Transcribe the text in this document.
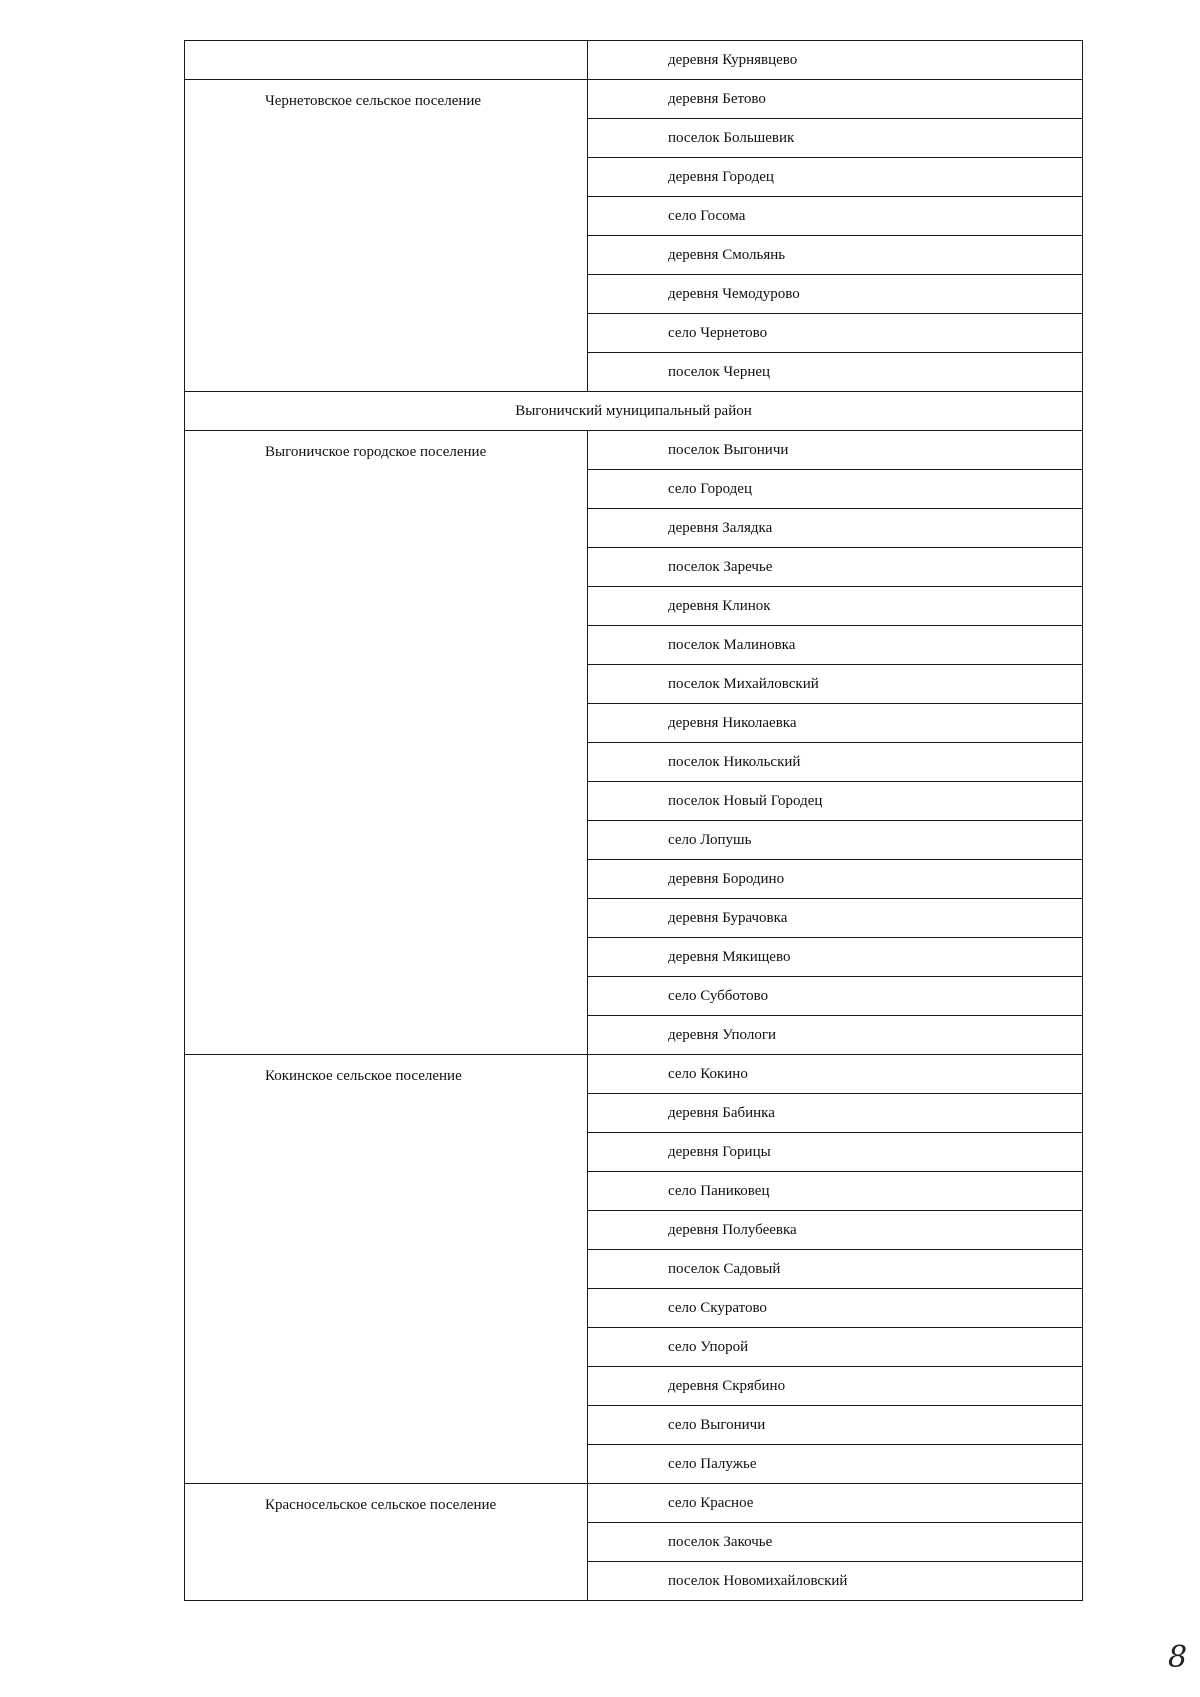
	деревня Курнявцево

Чернетовское сельское поселение	деревня Бетово

	поселок Большевик

	деревня Городец

	село Госома

	деревня Смольянь

	деревня Чемодурово

	село Чернетово

	поселок Чернец

Выгоничский муниципальный район	

Выгоничское городское поселение	поселок Выгоничи

	село Городец

	деревня Залядка

	поселок Заречье

	деревня Клинок

	поселок Малиновка

	поселок Михайловский

	деревня Николаевка

	поселок Никольский

	поселок Новый Городец

	село Лопушь

	деревня Бородино

	деревня Бурачовка

	деревня Мякищево

	село Субботово

	деревня Упологи

Кокинское сельское поселение	село Кокино

	деревня Бабинка

	деревня Горицы

	село Паниковец

	деревня Полубеевка

	поселок Садовый

	село Скуратово

	село Упорой

	деревня Скрябино

	село Выгоничи

	село Палужье

Красносельское сельское поселение	село Красное

	поселок Закочье

	поселок Новомихайловский
8
